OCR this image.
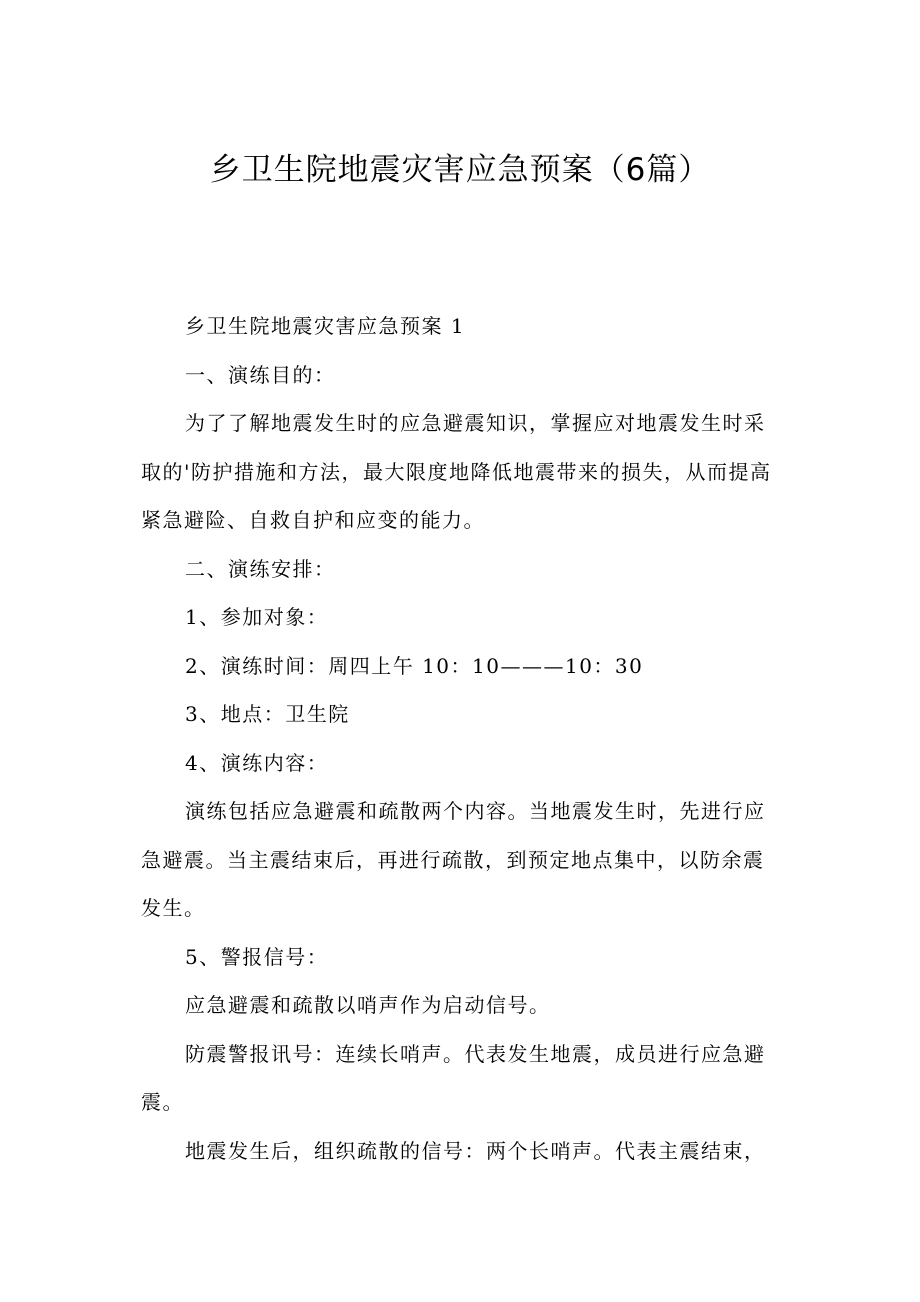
乡卫生院地震灾害应急预案（6篇）

乡卫生院地震灾害应急预案 1

一、演练目的：

为了了解地震发生时的应急避震知识，掌握应对地震发生时采
取的'防护措施和方法，最大限度地降低地震带来的损失，从而提高
紧急避险、自救自护和应变的能力。

二、演练安排：

1、参加对象：

2、演练时间：周四上午 10：10———10：30

3、地点：卫生院

4、演练内容：

演练包括应急避震和疏散两个内容。当地震发生时，先进行应
急避震。当主震结束后，再进行疏散，到预定地点集中，以防余震
发生。

5、警报信号：

应急避震和疏散以哨声作为启动信号。

防震警报讯号：连续长哨声。代表发生地震，成员进行应急避
震。

地震发生后，组织疏散的信号：两个长哨声。代表主震结束，
